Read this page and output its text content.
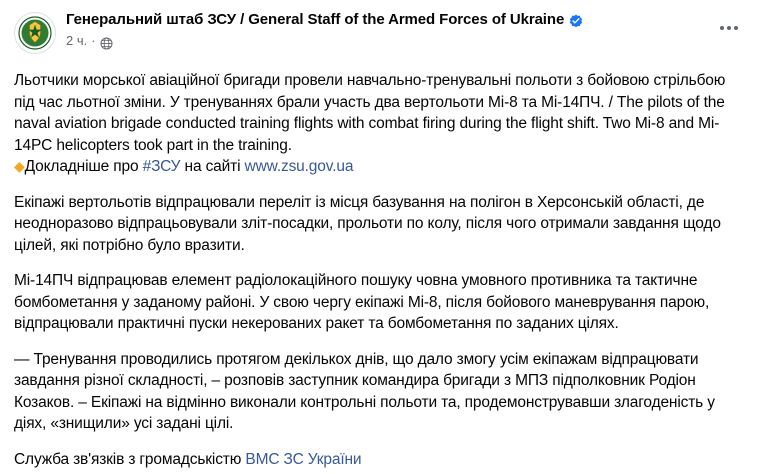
Генеральний штаб ЗСУ / General Staff of the Armed Forces of Ukraine
2 ч. ·

Льотчики морської авіаційної бригади провели навчально-тренувальні польоти з бойовою стрільбою під час льотної зміни. У тренуваннях брали участь два вертольоти Мі-8 та Мі-14ПЧ. / The pilots of the naval aviation brigade conducted training flights with combat firing during the flight shift. Two Mi-8 and Mi-14PC helicopters took part in the training.

◆Докладніше про #ЗСУ на сайті www.zsu.gov.ua

Екіпажі вертольотів відпрацювали переліт із місця базування на полігон в Херсонській області, де неодноразово відпрацьовували зліт-посадки, прольоти по колу, після чого отримали завдання щодо цілей, які потрібно було вразити.

Мі-14ПЧ відпрацював елемент радіолокаційного пошуку човна умовного противника та тактичне бомбометання у заданому районі. У свою чергу екіпажі Мі-8, після бойового маневрування парою, відпрацювали практичні пуски некерованих ракет та бомбометання по заданих цілях.

— Тренування проводились протягом декількох днів, що дало змогу усім екіпажам відпрацювати завдання різної складності, – розповів заступник командира бригади з МПЗ підполковник Родіон Козаков. – Екіпажі на відмінно виконали контрольні польоти та, продемонструвавши злагоденість у діях, «знищили» усі задані цілі.

Служба зв'язків з громадськістю ВМС ЗС України
